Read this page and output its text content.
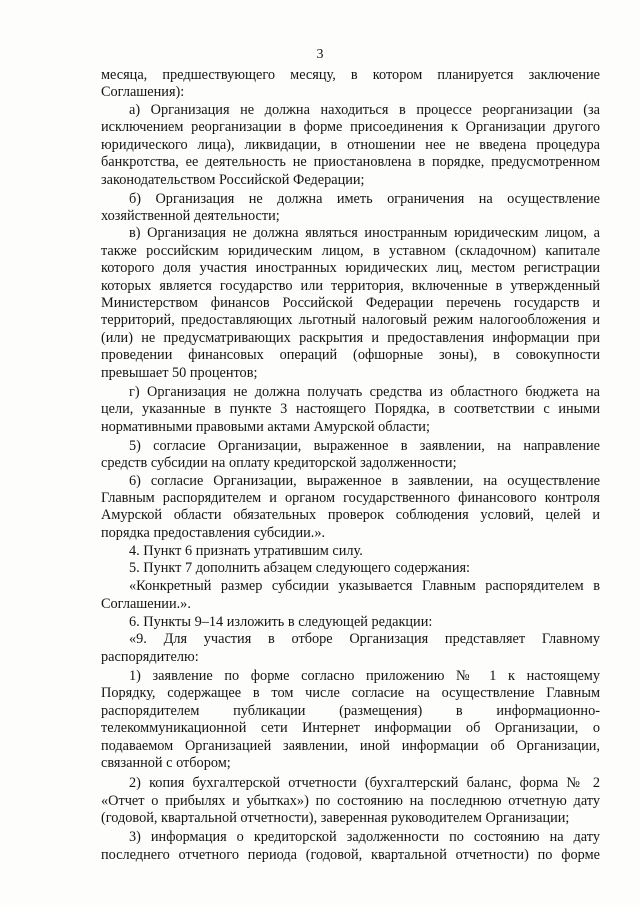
3
месяца, предшествующего месяцу, в котором планируется заключение
Соглашения):
а) Организация не должна находиться в процессе реорганизации (за
исключением реорганизации в форме присоединения к Организации другого
юридического лица), ликвидации, в отношении нее не введена процедура
банкротства, ее деятельность не приостановлена в порядке, предусмотренном
законодательством Российской Федерации;
б) Организация не должна иметь ограничения на осуществление
хозяйственной деятельности;
в) Организация не должна являться иностранным юридическим лицом, а
также российским юридическим лицом, в уставном (складочном) капитале
которого доля участия иностранных юридических лиц, местом регистрации
которых является государство или территория, включенные в утвержденный
Министерством финансов Российской Федерации перечень государств и
территорий, предоставляющих льготный налоговый режим налогообложения и
(или) не предусматривающих раскрытия и предоставления информации при
проведении финансовых операций (офшорные зоны), в совокупности
превышает 50 процентов;
г) Организация не должна получать средства из областного бюджета на
цели, указанные в пункте 3 настоящего Порядка, в соответствии с иными
нормативными правовыми актами Амурской области;
5) согласие Организации, выраженное в заявлении, на направление
средств субсидии на оплату кредиторской задолженности;
6) согласие Организации, выраженное в заявлении, на осуществление
Главным распорядителем и органом государственного финансового контроля
Амурской области обязательных проверок соблюдения условий, целей и
порядка предоставления субсидии.».
4. Пункт 6 признать утратившим силу.
5. Пункт 7 дополнить абзацем следующего содержания:
«Конкретный размер субсидии указывается Главным распорядителем в
Соглашении.».
6. Пункты 9–14 изложить в следующей редакции:
«9. Для участия в отборе Организация представляет Главному
распорядителю:
1) заявление по форме согласно приложению № 1 к настоящему
Порядку, содержащее в том числе согласие на осуществление Главным
распорядителем публикации (размещения) в информационно-
телекоммуникационной сети Интернет информации об Организации, о
подаваемом Организацией заявлении, иной информации об Организации,
связанной с отбором;
2) копия бухгалтерской отчетности (бухгалтерский баланс, форма № 2
«Отчет о прибылях и убытках») по состоянию на последнюю отчетную дату
(годовой, квартальной отчетности), заверенная руководителем Организации;
3) информация о кредиторской задолженности по состоянию на дату
последнего отчетного периода (годовой, квартальной отчетности) по форме
